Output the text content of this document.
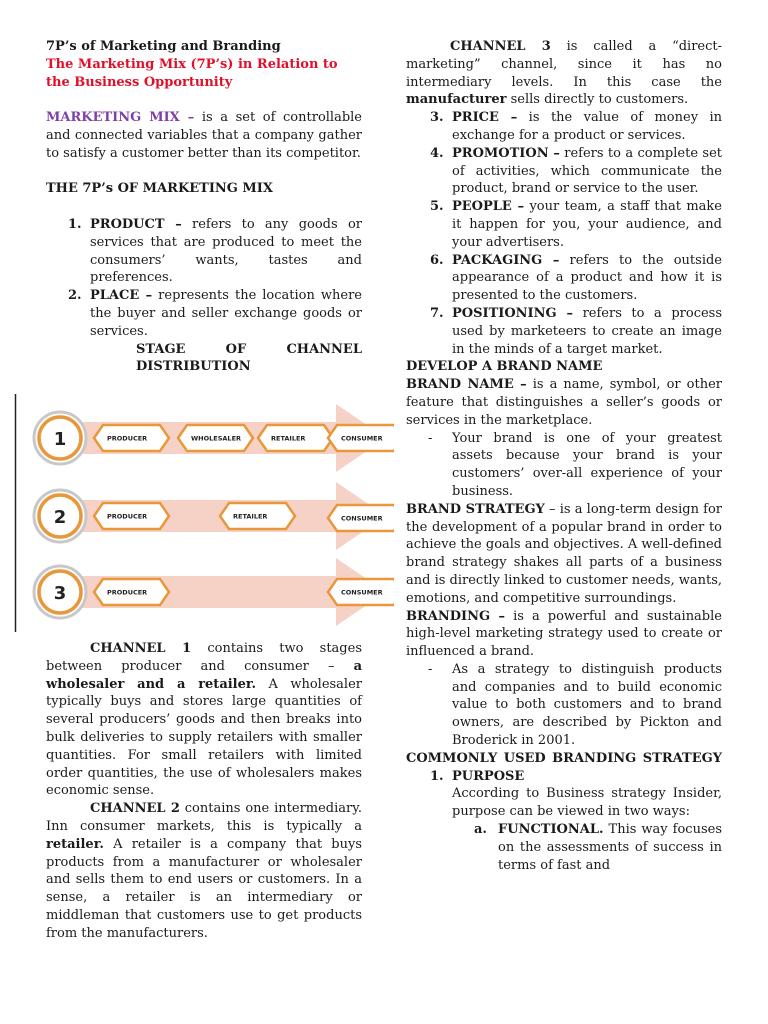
7P’s of Marketing and Branding

The Marketing Mix (7P’s) in Relation to the Business Opportunity

MARKETING MIX – is a set of controllable and connected variables that a company gather to satisfy a customer better than its competitor.

THE 7P’s OF MARKETING MIX

1. PRODUCT – refers to any goods or services that are produced to meet the consumers’ wants, tastes and preferences.
2. PLACE – represents the location where the buyer and seller exchange goods or services.
STAGE	OF	CHANNEL
DISTRIBUTION
1	PRODUCER	WHOLESALER	RETAILER	CONSUMER
2	PRODUCER	RETAILER	CONSUMER
3	PRODUCER	CONSUMER

CHANNEL 1 contains two stages between producer and consumer – a wholesaler and a retailer. A wholesaler typically buys and stores large quantities of several producers’ goods and then breaks into bulk deliveries to supply retailers with smaller quantities. For small retailers with limited order quantities, the use of wholesalers makes economic sense.

CHANNEL 2 contains one intermediary. Inn consumer markets, this is typically a retailer. A retailer is a company that buys products from a manufacturer or wholesaler and sells them to end users or customers. In a sense, a retailer is an intermediary or middleman that customers use to get products from the manufacturers.

CHANNEL 3 is called a “direct-marketing” channel, since it has no intermediary levels. In this case the manufacturer sells directly to customers.

3. PRICE – is the value of money in exchange for a product or services.
4. PROMOTION – refers to a complete set of activities, which communicate the product, brand or service to the user.
5. PEOPLE – your team, a staff that make it happen for you, your audience, and your advertisers.
6. PACKAGING – refers to the outside appearance of a product and how it is presented to the customers.
7. POSITIONING – refers to a process used by marketeers to create an image in the minds of a target market.

DEVELOP A BRAND NAME

BRAND NAME – is a name, symbol, or other feature that distinguishes a seller’s goods or services in the marketplace.

- Your brand is one of your greatest assets because your brand is your customers’ over-all experience of your business.

BRAND STRATEGY – is a long-term design for the development of a popular brand in order to achieve the goals and objectives. A well-defined brand strategy shakes all parts of a business and is directly linked to customer needs, wants, emotions, and competitive surroundings.

BRANDING – is a powerful and sustainable high-level marketing strategy used to create or influenced a brand.

- As a strategy to distinguish products and companies and to build economic value to both customers and to brand owners, are described by Pickton and Broderick in 2001.

COMMONLY USED BRANDING STRATEGY

1. PURPOSE
According to Business strategy Insider, purpose can be viewed in two ways:

a. FUNCTIONAL. This way focuses on the assessments of success in terms of fast and
